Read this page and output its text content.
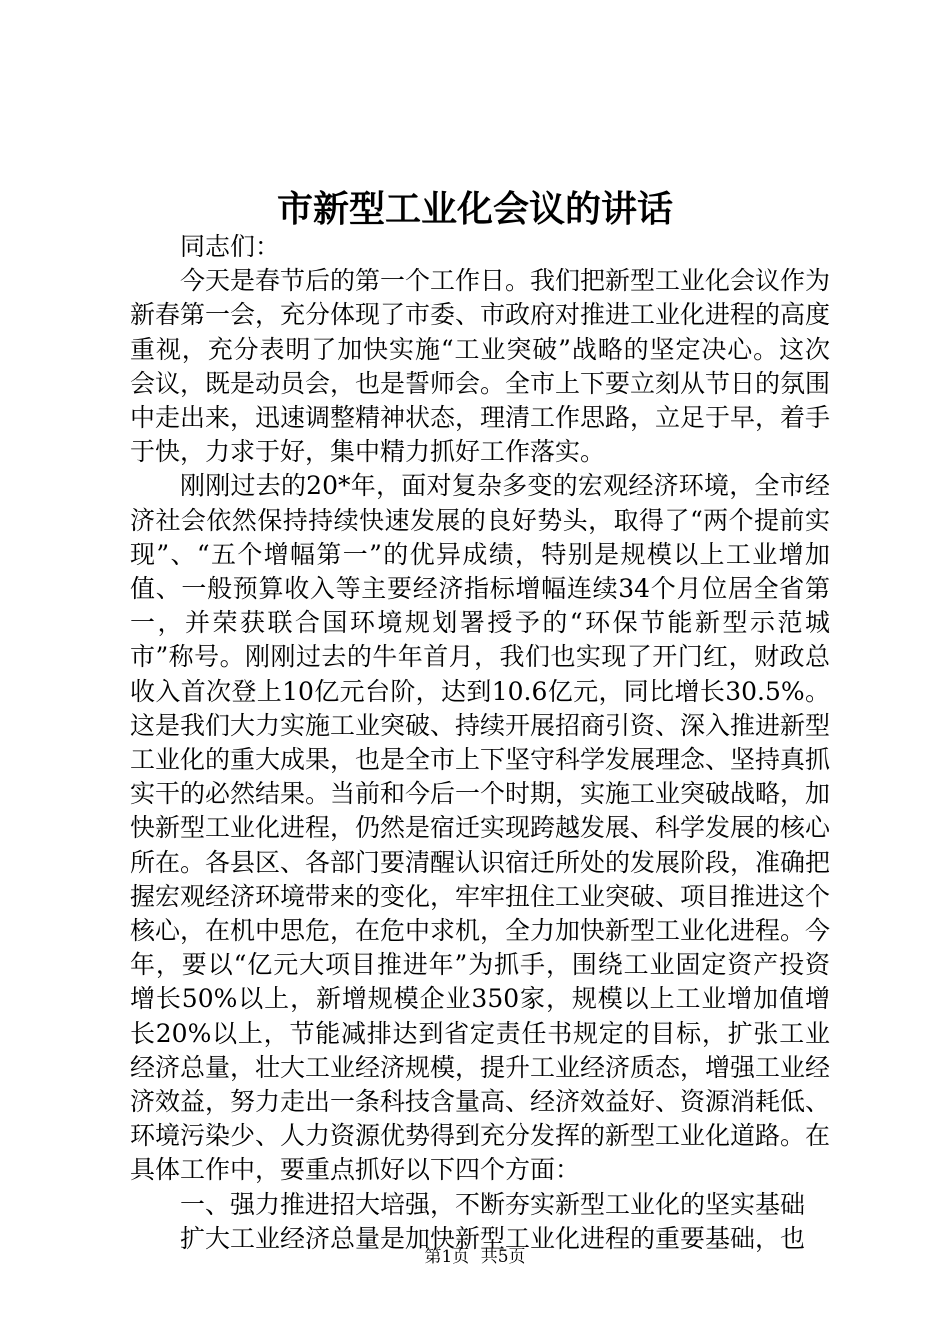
市新型工业化会议的讲话

同志们：

今天是春节后的第一个工作日。我们把新型工业化会议作为新春第一会，充分体现了市委、市政府对推进工业化进程的高度重视，充分表明了加快实施“工业突破”战略的坚定决心。这次会议，既是动员会，也是誓师会。全市上下要立刻从节日的氛围中走出来，迅速调整精神状态，理清工作思路，立足于早，着手于快，力求于好，集中精力抓好工作落实。

刚刚过去的20*年，面对复杂多变的宏观经济环境，全市经济社会依然保持持续快速发展的良好势头，取得了“两个提前实现”、“五个增幅第一”的优异成绩，特别是规模以上工业增加值、一般预算收入等主要经济指标增幅连续34个月位居全省第一，并荣获联合国环境规划署授予的“环保节能新型示范城市”称号。刚刚过去的牛年首月，我们也实现了开门红，财政总收入首次登上10亿元台阶，达到10.6亿元，同比增长30.5%。这是我们大力实施工业突破、持续开展招商引资、深入推进新型工业化的重大成果，也是全市上下坚守科学发展理念、坚持真抓实干的必然结果。当前和今后一个时期，实施工业突破战略，加快新型工业化进程，仍然是宿迁实现跨越发展、科学发展的核心所在。各县区、各部门要清醒认识宿迁所处的发展阶段，准确把握宏观经济环境带来的变化，牢牢扭住工业突破、项目推进这个核心，在机中思危，在危中求机，全力加快新型工业化进程。今年，要以“亿元大项目推进年”为抓手，围绕工业固定资产投资增长50%以上，新增规模企业350家，规模以上工业增加值增长20%以上，节能减排达到省定责任书规定的目标，扩张工业经济总量，壮大工业经济规模，提升工业经济质态，增强工业经济效益，努力走出一条科技含量高、经济效益好、资源消耗低、环境污染少、人力资源优势得到充分发挥的新型工业化道路。在具体工作中，要重点抓好以下四个方面：

一、强力推进招大培强，不断夯实新型工业化的坚实基础

扩大工业经济总量是加快新型工业化进程的重要基础，也

第1页 共5页
